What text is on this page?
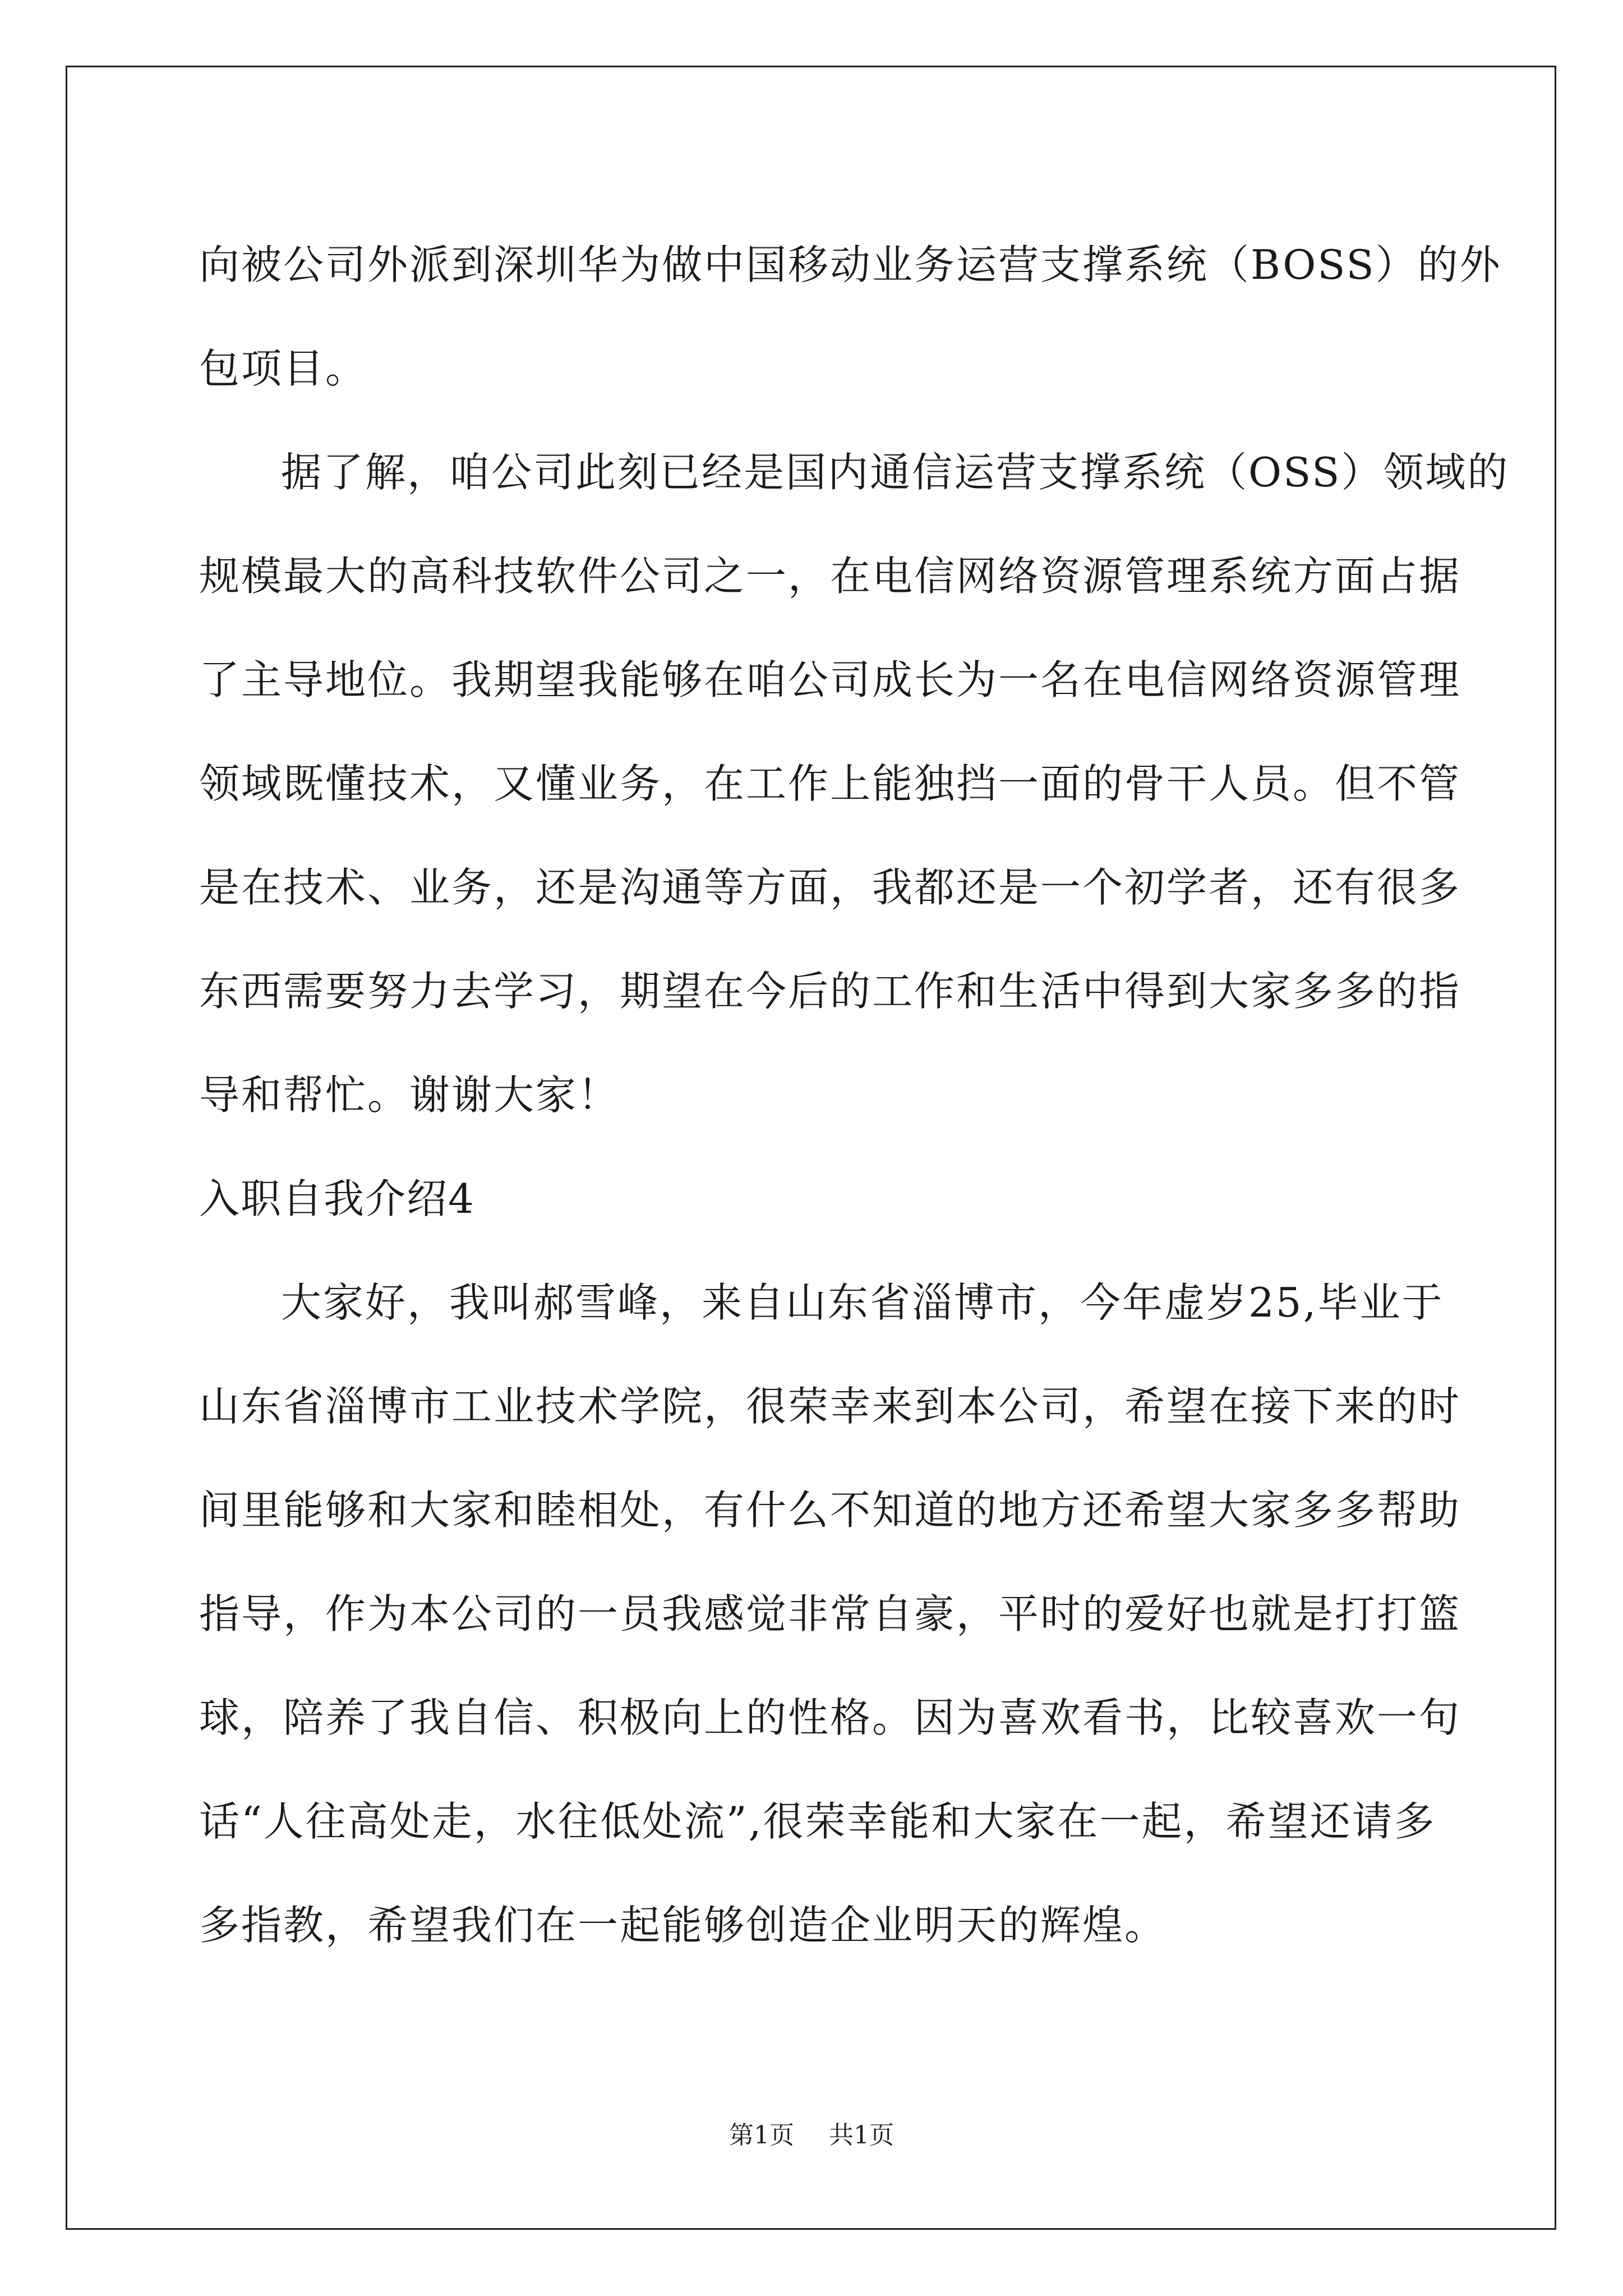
向被公司外派到深圳华为做中国移动业务运营支撑系统（BOSS）的外
包项目。
据了解，咱公司此刻已经是国内通信运营支撑系统（OSS）领域的
规模最大的高科技软件公司之一，在电信网络资源管理系统方面占据
了主导地位。我期望我能够在咱公司成长为一名在电信网络资源管理
领域既懂技术，又懂业务，在工作上能独挡一面的骨干人员。但不管
是在技术、业务，还是沟通等方面，我都还是一个初学者，还有很多
东西需要努力去学习，期望在今后的工作和生活中得到大家多多的指
导和帮忙。谢谢大家！
入职自我介绍4
大家好，我叫郝雪峰，来自山东省淄博市，今年虚岁25,毕业于
山东省淄博市工业技术学院，很荣幸来到本公司，希望在接下来的时
间里能够和大家和睦相处，有什么不知道的地方还希望大家多多帮助
指导，作为本公司的一员我感觉非常自豪，平时的爱好也就是打打篮
球，陪养了我自信、积极向上的性格。因为喜欢看书，比较喜欢一句
话“人往高处走，水往低处流”,很荣幸能和大家在一起，希望还请多
多指教，希望我们在一起能够创造企业明天的辉煌。
第1页 共1页
